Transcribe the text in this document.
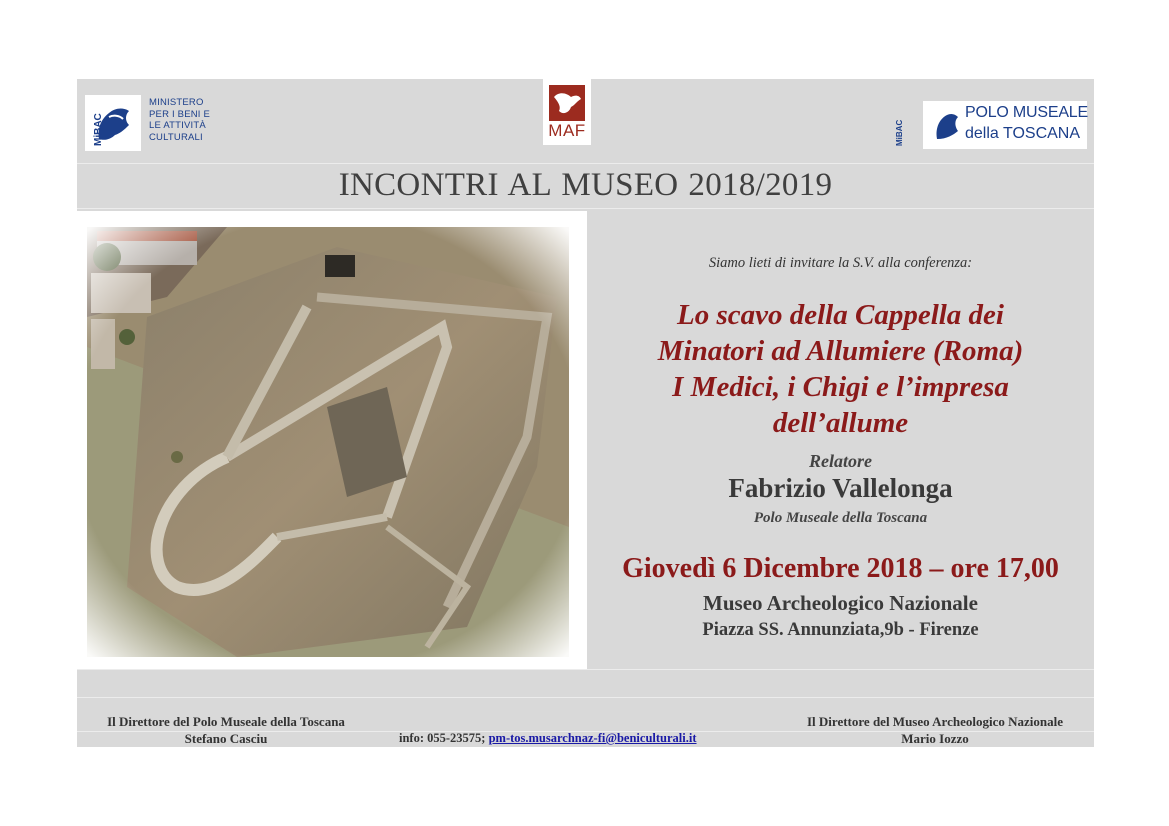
MiBAC
MINISTERO
PER I BENI E
LE ATTIVITÀ
CULTURALI	MAF	MiBAC
POLO MUSEALE
della TOSCANA
INCONTRI AL MUSEO 2018/2019
Siamo lieti di invitare la S.V. alla conferenza:
Lo scavo della Cappella dei
Minatori ad Allumiere (Roma)
I Medici, i Chigi e l’impresa
dell’allume
Relatore
Fabrizio Vallelonga
Polo Museale della Toscana
Giovedì 6 Dicembre 2018 – ore 17,00
Museo Archeologico Nazionale
Piazza SS. Annunziata,9b - Firenze
Il Direttore del Polo Museale della Toscana
Stefano Casciu	info: 055-23575; pm-tos.musarchnaz-fi@beniculturali.it
Il Direttore del Museo Archeologico Nazionale
Mario Iozzo
